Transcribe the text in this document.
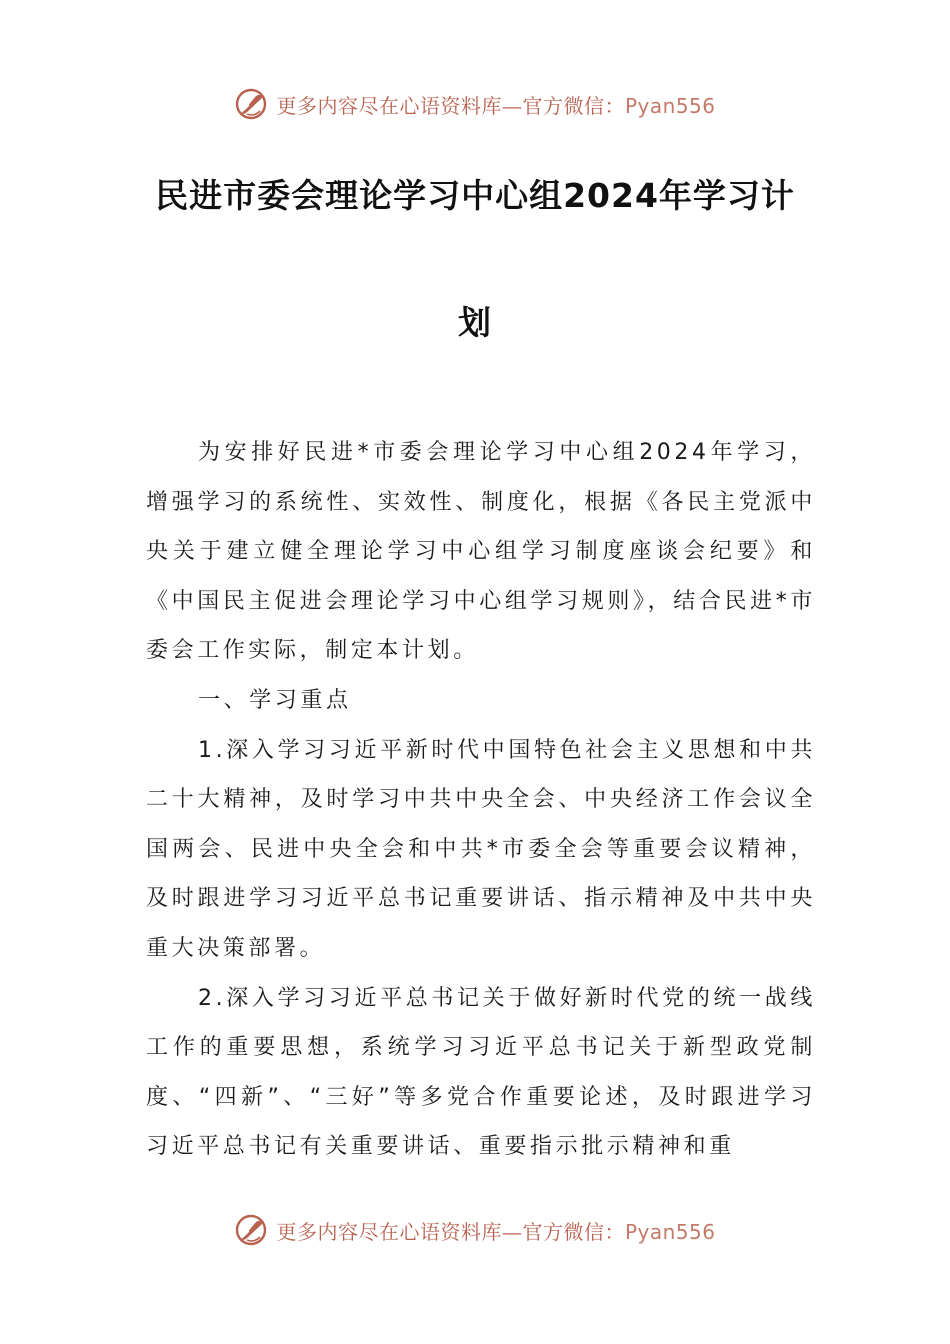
更多内容尽在心语资料库—官方微信：Pyan556
民进市委会理论学习中心组2024年学习计
划

为安排好民进*市委会理论学习中心组2024年学习，增强学习的系统性、实效性、制度化，根据《各民主党派中央关于建立健全理论学习中心组学习制度座谈会纪要》和《中国民主促进会理论学习中心组学习规则》，结合民进*市委会工作实际，制定本计划。

一、学习重点

1.深入学习习近平新时代中国特色社会主义思想和中共二十大精神，及时学习中共中央全会、中央经济工作会议全国两会、民进中央全会和中共*市委全会等重要会议精神，及时跟进学习习近平总书记重要讲话、指示精神及中共中央重大决策部署。

2.深入学习习近平总书记关于做好新时代党的统一战线工作的重要思想，系统学习习近平总书记关于新型政党制度、“四新”、“三好”等多党合作重要论述，及时跟进学习习近平总书记有关重要讲话、重要指示批示精神和重

更多内容尽在心语资料库—官方微信：Pyan556
